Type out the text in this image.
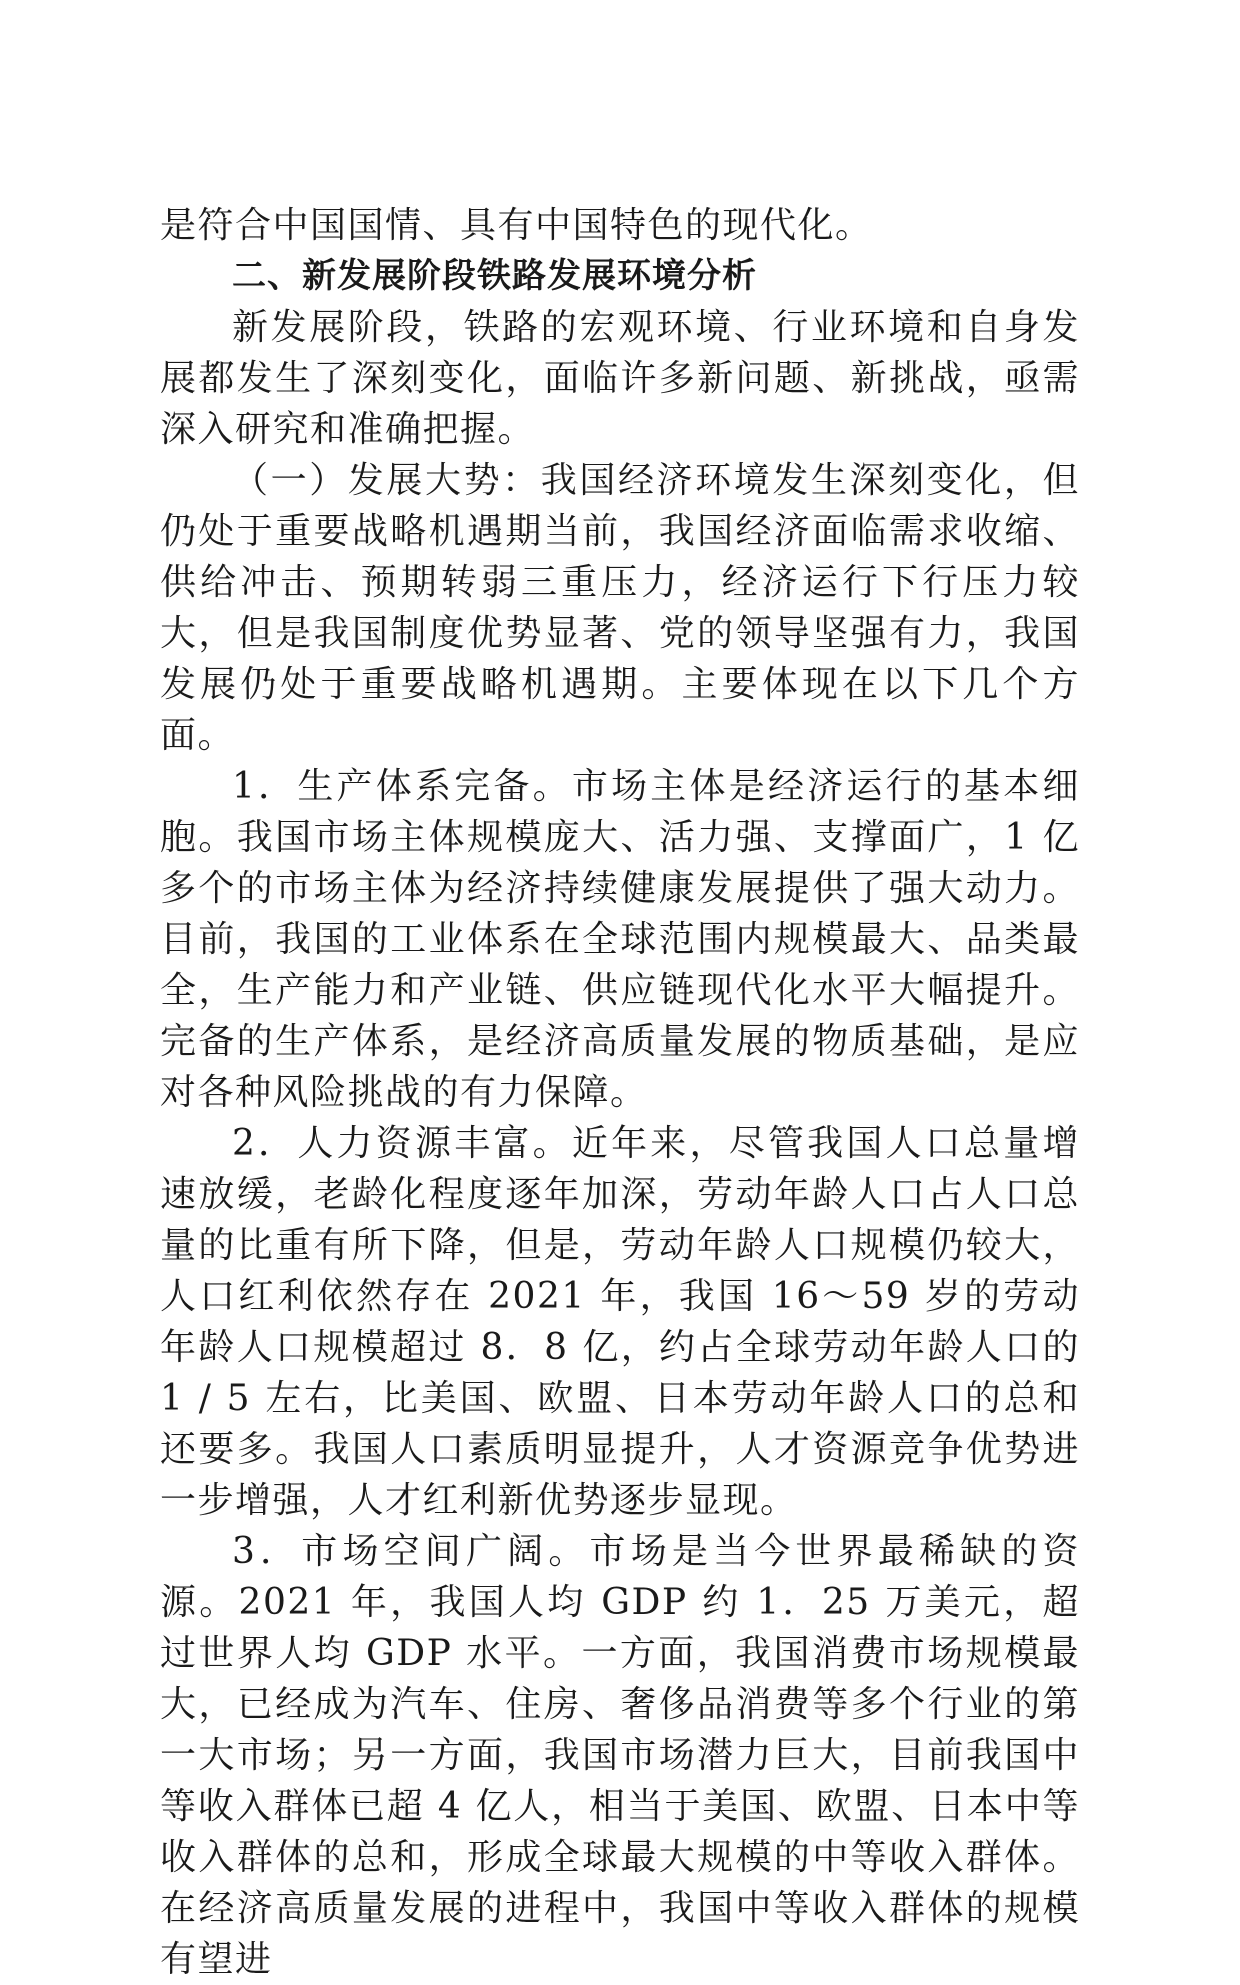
是符合中国国情、具有中国特色的现代化。

二、新发展阶段铁路发展环境分析

新发展阶段，铁路的宏观环境、行业环境和自身发展都发生了深刻变化，面临许多新问题、新挑战，亟需深入研究和准确把握。

（一）发展大势：我国经济环境发生深刻变化，但仍处于重要战略机遇期当前，我国经济面临需求收缩、供给冲击、预期转弱三重压力，经济运行下行压力较大，但是我国制度优势显著、党的领导坚强有力，我国发展仍处于重要战略机遇期。主要体现在以下几个方面。

1．生产体系完备。市场主体是经济运行的基本细胞。我国市场主体规模庞大、活力强、支撑面广，1 亿多个的市场主体为经济持续健康发展提供了强大动力。目前，我国的工业体系在全球范围内规模最大、品类最全，生产能力和产业链、供应链现代化水平大幅提升。完备的生产体系，是经济高质量发展的物质基础，是应对各种风险挑战的有力保障。

2．人力资源丰富。近年来，尽管我国人口总量增速放缓，老龄化程度逐年加深，劳动年龄人口占人口总量的比重有所下降，但是，劳动年龄人口规模仍较大，人口红利依然存在 2021 年，我国 16～59 岁的劳动年龄人口规模超过 8．8 亿，约占全球劳动年龄人口的 1 / 5 左右，比美国、欧盟、日本劳动年龄人口的总和还要多。我国人口素质明显提升，人才资源竞争优势进一步增强，人才红利新优势逐步显现。

3．市场空间广阔。市场是当今世界最稀缺的资源。2021 年，我国人均 GDP 约 1．25 万美元，超过世界人均 GDP 水平。一方面，我国消费市场规模最大，已经成为汽车、住房、奢侈品消费等多个行业的第一大市场；另一方面，我国市场潜力巨大，目前我国中等收入群体已超 4 亿人，相当于美国、欧盟、日本中等收入群体的总和，形成全球最大规模的中等收入群体。在经济高质量发展的进程中，我国中等收入群体的规模有望进
